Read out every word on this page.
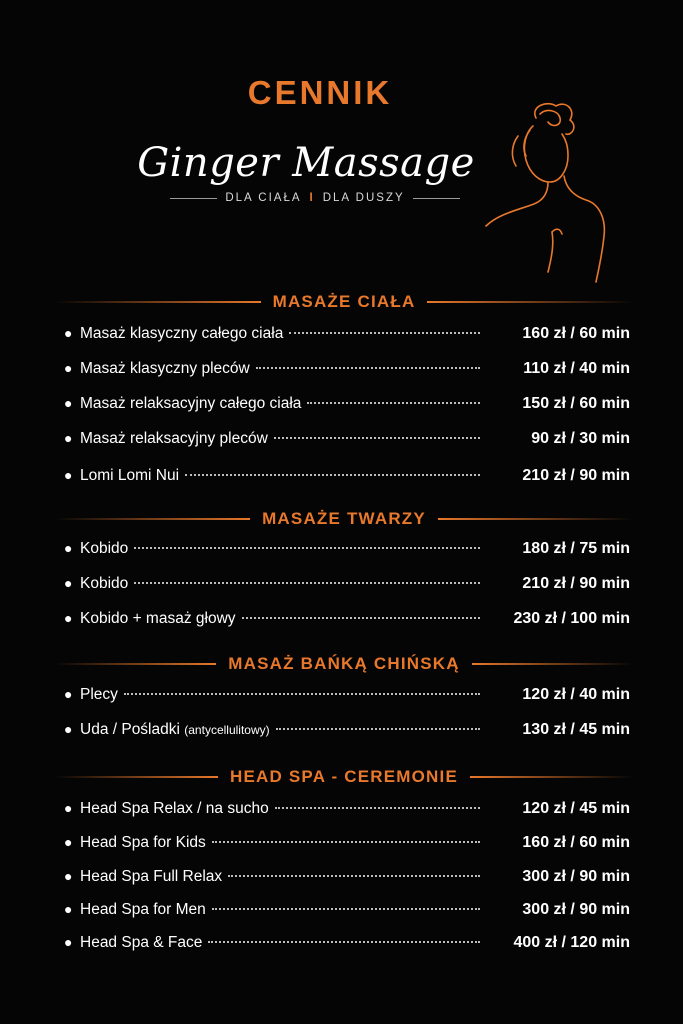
CENNIK
Ginger Massage
DLA CIAŁA I DLA DUSZY
MASAŻE CIAŁA
● Masaż klasyczny całego ciała	160 zł / 60 min
● Masaż klasyczny pleców	110 zł / 40 min
● Masaż relaksacyjny całego ciała	150 zł / 60 min
● Masaż relaksacyjny pleców	90 zł / 30 min
● Lomi Lomi Nui	210 zł / 90 min
MASAŻE TWARZY
● Kobido	180 zł / 75 min
● Kobido	210 zł / 90 min
● Kobido + masaż głowy	230 zł / 100 min
MASAŻ BAŃKĄ CHIŃSKĄ
● Plecy	120 zł / 40 min
● Uda / Pośladki (antycellulitowy)	130 zł / 45 min
HEAD SPA - CEREMONIE
● Head Spa Relax / na sucho	120 zł / 45 min
● Head Spa for Kids	160 zł / 60 min
● Head Spa Full Relax	300 zł / 90 min
● Head Spa for Men	300 zł / 90 min
● Head Spa & Face	400 zł / 120 min
